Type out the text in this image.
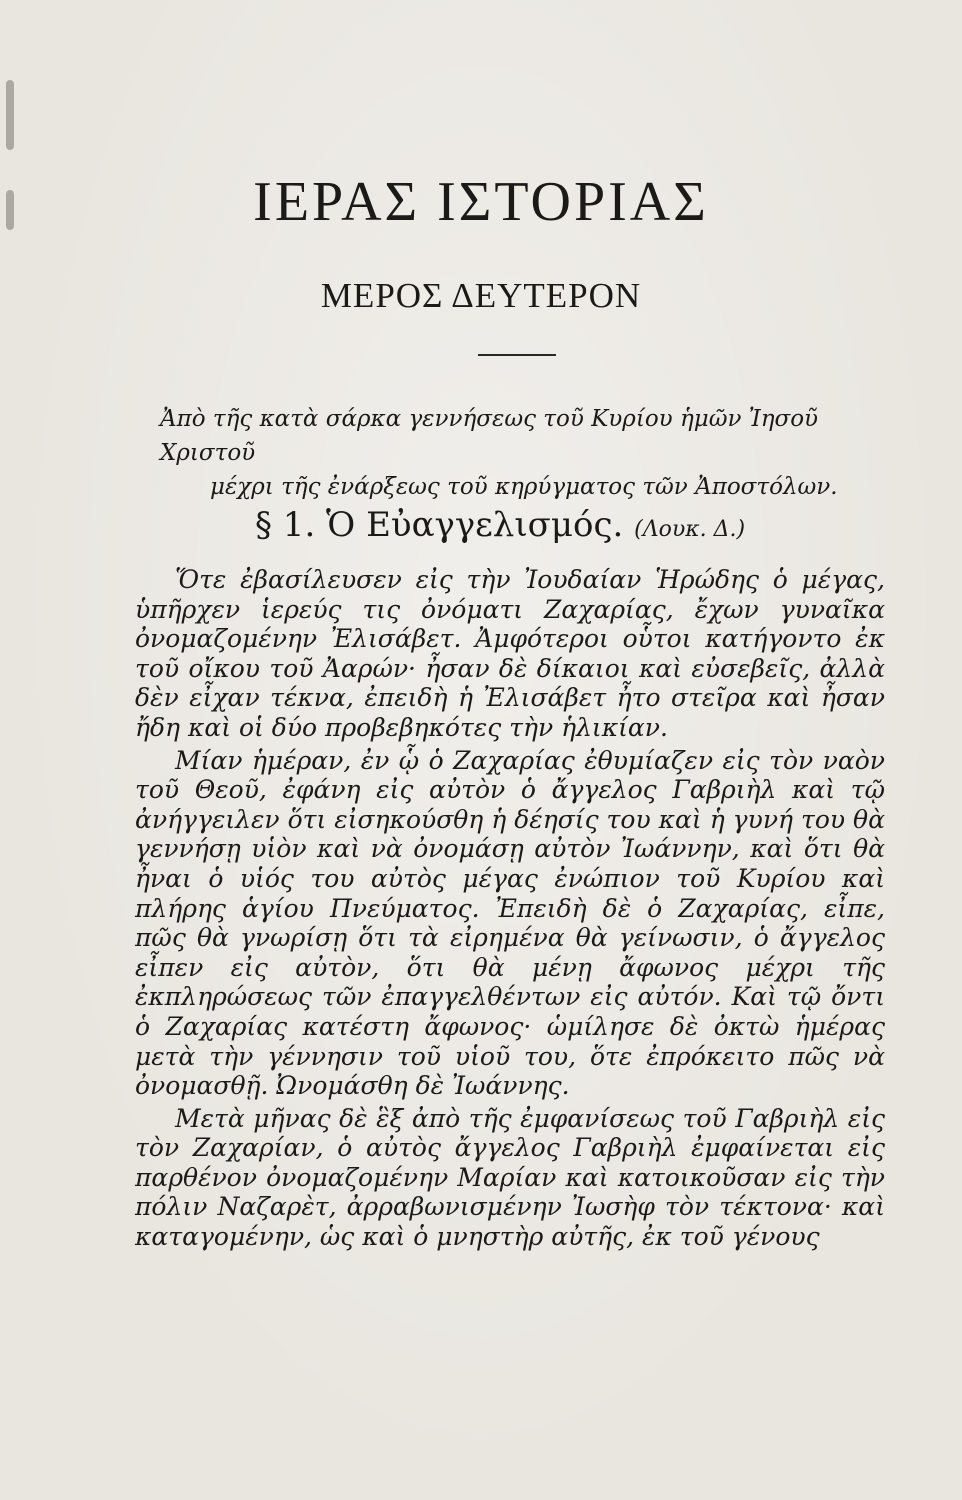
ΙΕΡΑΣ ΙΣΤΟΡΙΑΣ
ΜΕΡΟΣ ΔΕΥΤΕΡΟΝ
Ἀπὸ τῆς κατὰ σάρκα γεννήσεως τοῦ Κυρίου ἡμῶν Ἰησοῦ Χριστοῦ
μέχρι τῆς ἐνάρξεως τοῦ κηρύγματος τῶν Ἀποστόλων.
§ 1. Ὁ Εὐαγγελισμός. (Λουκ. Δ.)

Ὅτε ἐβασίλευσεν εἰς τὴν Ἰουδαίαν Ἡρώδης ὁ μέγας, ὑπῆρχεν ἱερεύς τις ὀνόματι Ζαχαρίας, ἔχων γυναῖκα ὀνομαζομένην Ἐλισάβετ. Ἀμφότεροι οὗτοι κατήγοντο ἐκ τοῦ οἴκου τοῦ Ἀαρών· ἦσαν δὲ δίκαιοι καὶ εὐσεβεῖς, ἀλλὰ δὲν εἶχαν τέκνα, ἐπειδὴ ἡ Ἐλισάβετ ἦτο στεῖρα καὶ ἦσαν ἤδη καὶ οἱ δύο προβεβηκότες τὴν ἡλικίαν.

Μίαν ἡμέραν, ἐν ᾧ ὁ Ζαχαρίας ἐθυμίαζεν εἰς τὸν ναὸν τοῦ Θεοῦ, ἐφάνη εἰς αὐτὸν ὁ ἄγγελος Γαβριὴλ καὶ τῷ ἀνήγγειλεν ὅτι εἰσηκούσθη ἡ δέησίς του καὶ ἡ γυνή του θὰ γεννήσῃ υἱὸν καὶ νὰ ὀνομάσῃ αὐτὸν Ἰωάννην, καὶ ὅτι θὰ ἦναι ὁ υἱός του αὐτὸς μέγας ἐνώπιον τοῦ Κυρίου καὶ πλήρης ἁγίου Πνεύματος. Ἐπειδὴ δὲ ὁ Ζαχαρίας, εἶπε, πῶς θὰ γνωρίσῃ ὅτι τὰ εἰρημένα θὰ γείνωσιν, ὁ ἄγγελος εἶπεν εἰς αὐτὸν, ὅτι θὰ μένῃ ἄφωνος μέχρι τῆς ἐκπληρώσεως τῶν ἐπαγγελθέντων εἰς αὐτόν. Καὶ τῷ ὄντι ὁ Ζαχαρίας κατέστη ἄφωνος· ὡμίλησε δὲ ὀκτὼ ἡμέρας μετὰ τὴν γέννησιν τοῦ υἱοῦ του, ὅτε ἐπρόκειτο πῶς νὰ ὀνομασθῇ. Ὠνομάσθη δὲ Ἰωάννης.

Μετὰ μῆνας δὲ ἓξ ἀπὸ τῆς ἐμφανίσεως τοῦ Γαβριὴλ εἰς τὸν Ζαχαρίαν, ὁ αὐτὸς ἄγγελος Γαβριὴλ ἐμφαίνεται εἰς παρθένον ὀνομαζομένην Μαρίαν καὶ κατοικοῦσαν εἰς τὴν πόλιν Ναζαρὲτ, ἀρραβωνισμένην Ἰωσὴφ τὸν τέκτονα· καὶ καταγομένην, ὡς καὶ ὁ μνηστὴρ αὐτῆς, ἐκ τοῦ γένους
